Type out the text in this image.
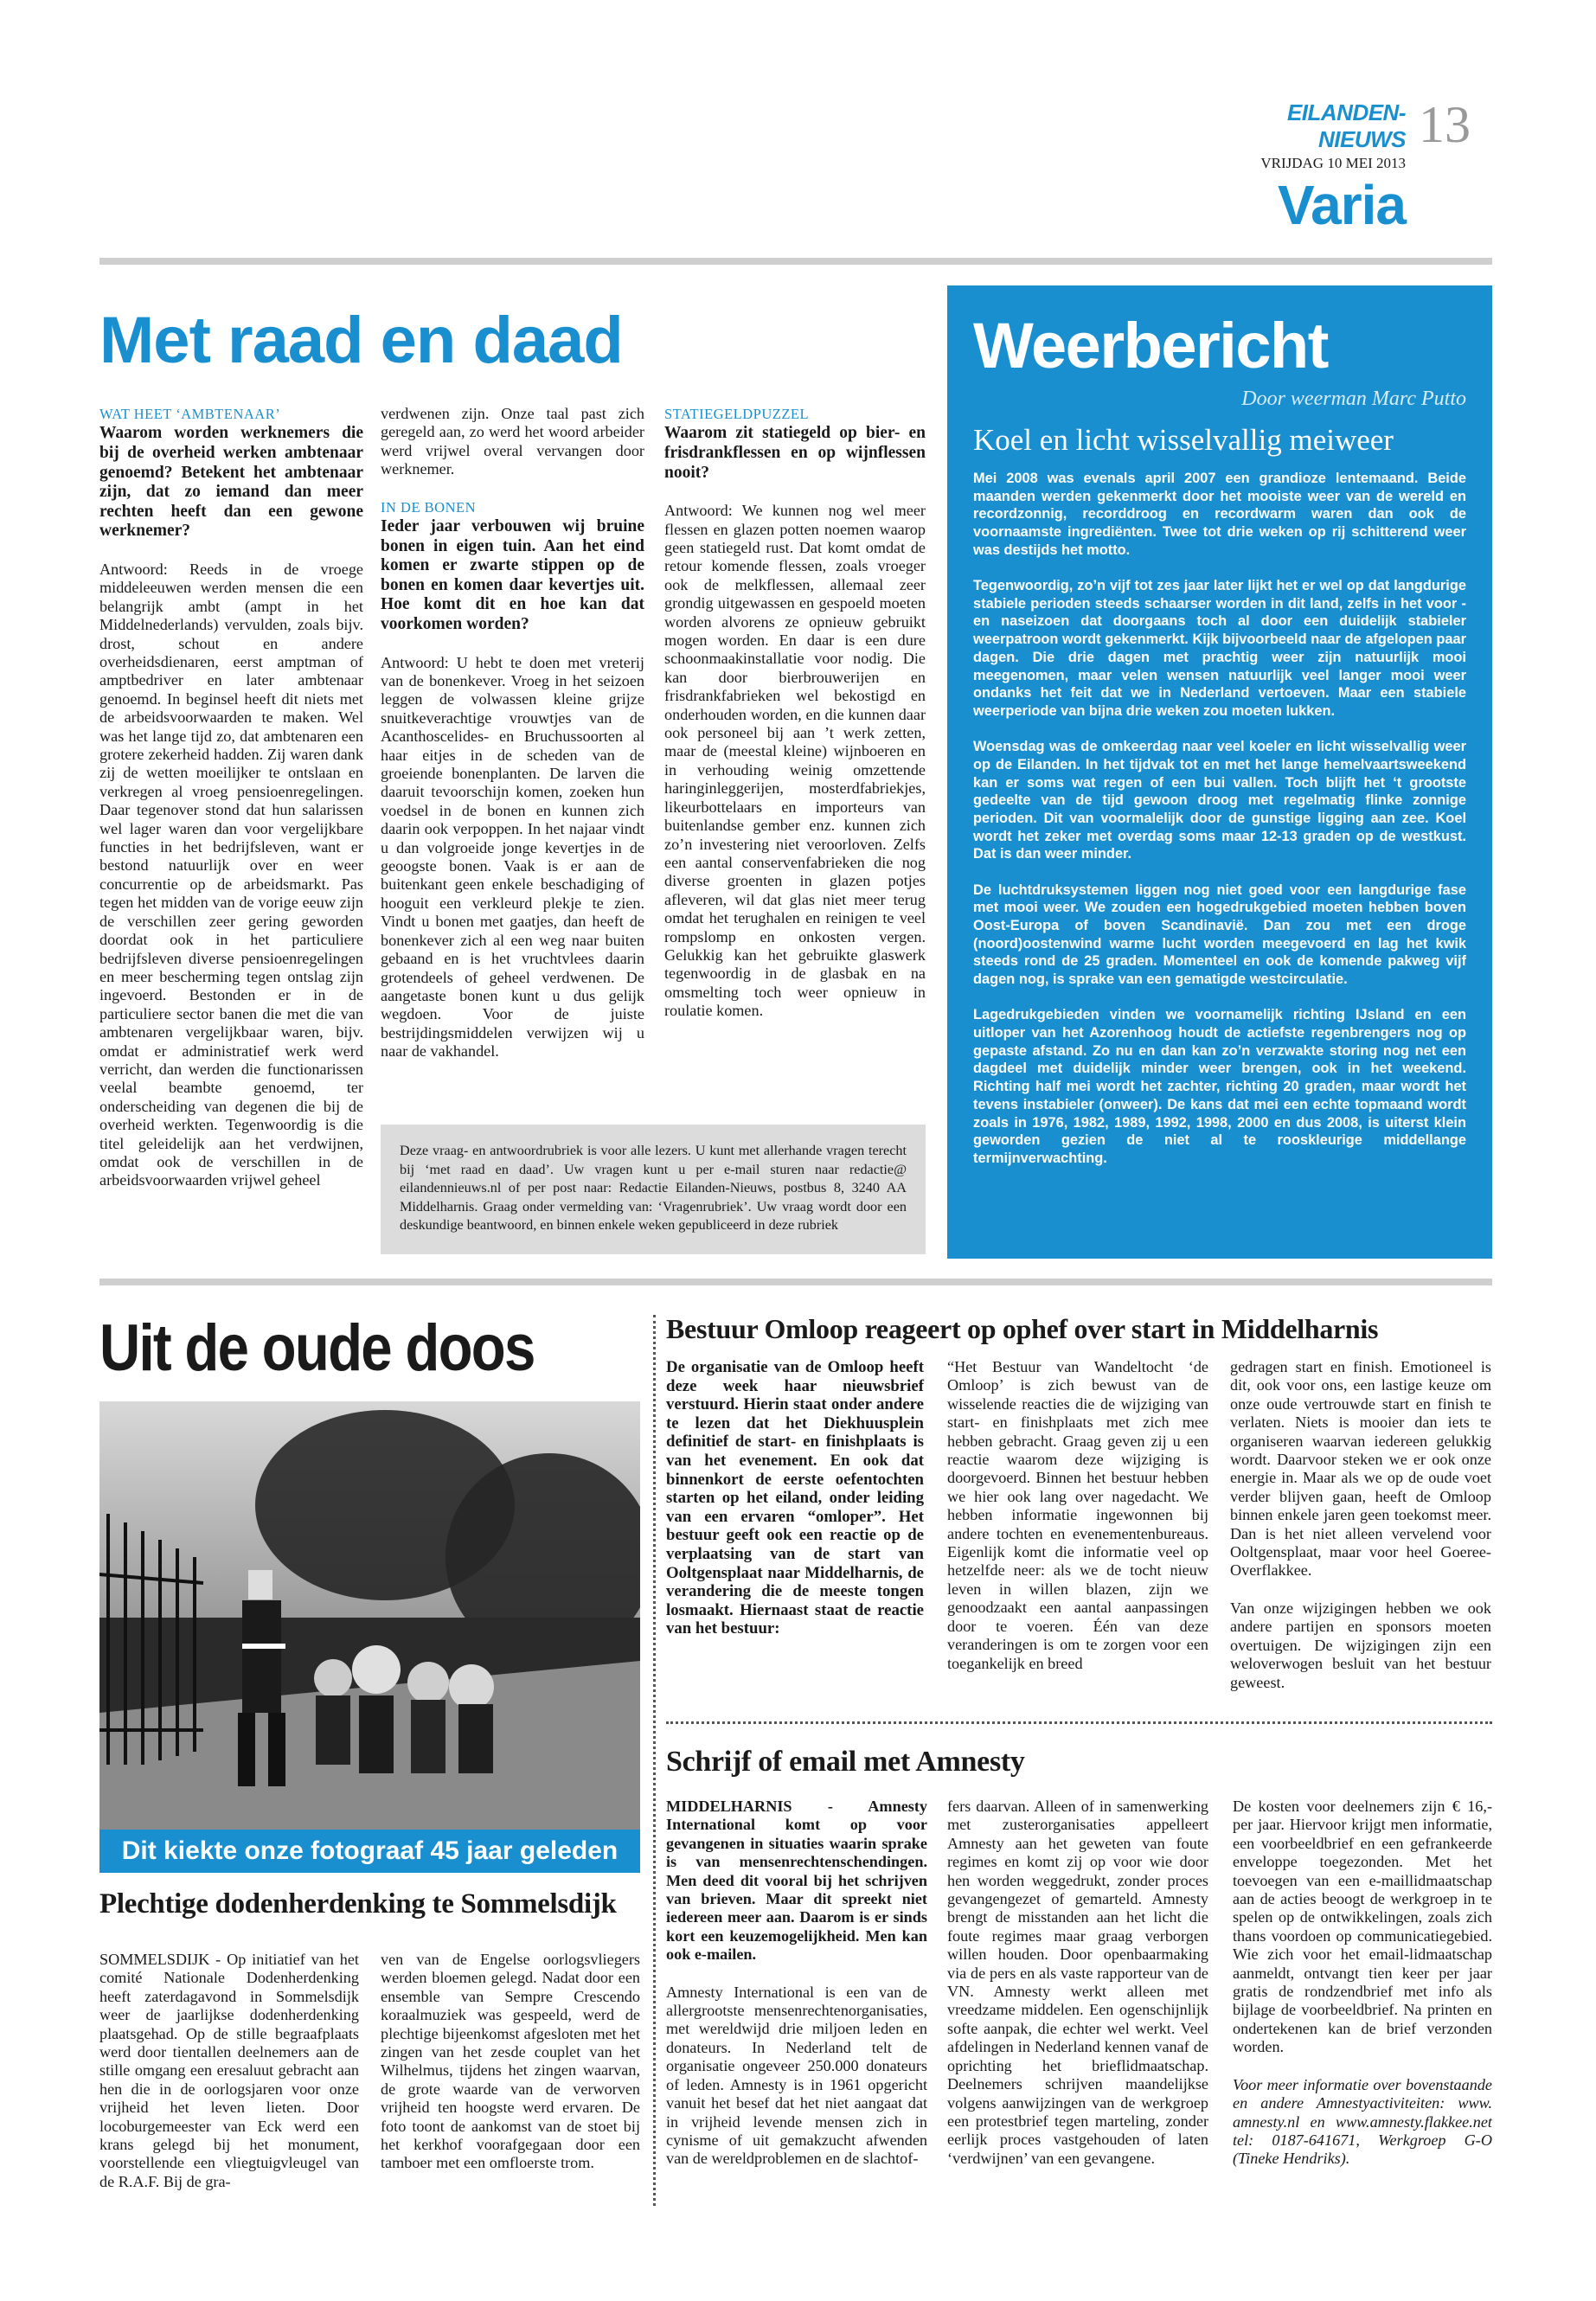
EILANDEN-NIEUWS
VRIJDAG 10 MEI 2013
13
Varia
Met raad en daad
WAT HEET ‘AMBTENAAR’
Waarom worden werknemers die bij de overheid werken ambtenaar genoemd? Betekent het ambtenaar zijn, dat zo iemand dan meer rechten heeft dan een gewone werknemer?
Antwoord: Reeds in de vroege middeleeuwen werden mensen die een belangrijk ambt (ampt in het Middelnederlands) vervulden, zoals bijv. drost, schout en andere overheidsdienaren, eerst amptman of amptbedriver en later ambtenaar genoemd. In beginsel heeft dit niets met de arbeidsvoorwaarden te maken. Wel was het lange tijd zo, dat ambtenaren een grotere zekerheid hadden. Zij waren dank zij de wetten moeilijker te ontslaan en verkregen al vroeg pensioenregelingen. Daar tegenover stond dat hun salarissen wel lager waren dan voor vergelijkbare functies in het bedrijfsleven, want er bestond natuurlijk over en weer concurrentie op de arbeidsmarkt. Pas tegen het midden van de vorige eeuw zijn de verschillen zeer gering geworden doordat ook in het particuliere bedrijfsleven diverse pensioenregelingen en meer bescherming tegen ontslag zijn ingevoerd. Bestonden er in de particuliere sector banen die met die van ambtenaren vergelijkbaar waren, bijv. omdat er administratief werk werd verricht, dan werden die functionarissen veelal beambte genoemd, ter onderscheiding van degenen die bij de overheid werkten. Tegenwoordig is die titel geleidelijk aan het verdwijnen, omdat ook de verschillen in de arbeidsvoorwaarden vrijwel geheel
verdwenen zijn. Onze taal past zich geregeld aan, zo werd het woord arbeider werd vrijwel overal vervangen door werknemer.
IN DE BONEN
Ieder jaar verbouwen wij bruine bonen in eigen tuin. Aan het eind komen er zwarte stippen op de bonen en komen daar kevertjes uit. Hoe komt dit en hoe kan dat voorkomen worden?
Antwoord: U hebt te doen met vreterij van de bonenkever. Vroeg in het seizoen leggen de volwassen kleine grijze snuitkeverachtige vrouwtjes van de Acanthoscelides- en Bruchussoorten al haar eitjes in de scheden van de groeiende bonenplanten. De larven die daaruit tevoorschijn komen, zoeken hun voedsel in de bonen en kunnen zich daarin ook verpoppen. In het najaar vindt u dan volgroeide jonge kevertjes in de geoogste bonen. Vaak is er aan de buitenkant geen enkele beschadiging of hooguit een verkleurd plekje te zien. Vindt u bonen met gaatjes, dan heeft de bonenkever zich al een weg naar buiten gebaand en is het vruchtvlees daarin grotendeels of geheel verdwenen. De aangetaste bonen kunt u dus gelijk wegdoen. Voor de juiste bestrijdingsmiddelen verwijzen wij u naar de vakhandel.
STATIEGELDPUZZEL
Waarom zit statiegeld op bier- en frisdrankflessen en op wijnflessen nooit?
Antwoord: We kunnen nog wel meer flessen en glazen potten noemen waarop geen statiegeld rust. Dat komt omdat de retour komende flessen, zoals vroeger ook de melkflessen, allemaal zeer grondig uitgewassen en gespoeld moeten worden alvorens ze opnieuw gebruikt mogen worden. En daar is een dure schoonmaakinstallatie voor nodig. Die kan door bierbrouwerijen en frisdrankfabrieken wel bekostigd en onderhouden worden, en die kunnen daar ook personeel bij aan ’t werk zetten, maar de (meestal kleine) wijnboeren en in verhouding weinig omzettende haringinleggerijen, mosterdfabriekjes, likeurbottelaars en importeurs van buitenlandse gember enz. kunnen zich zo’n investering niet veroorloven. Zelfs een aantal conservenfabrieken die nog diverse groenten in glazen potjes afleveren, wil dat glas niet meer terug omdat het terughalen en reinigen te veel rompslomp en onkosten vergen. Gelukkig kan het gebruikte glaswerk tegenwoordig in de glasbak en na omsmelting toch weer opnieuw in roulatie komen.
Deze vraag- en antwoordrubriek is voor alle lezers. U kunt met allerhande vragen terecht bij ‘met raad en daad’. Uw vragen kunt u per e-mail sturen naar redactie@ eilandennieuws.nl of per post naar: Redactie Eilanden-Nieuws, postbus 8, 3240 AA Middelharnis. Graag onder vermelding van: ‘Vragenrubriek’. Uw vraag wordt door een deskundige beantwoord, en binnen enkele weken gepubliceerd in deze rubriek
Weerbericht
Door weerman Marc Putto
Koel en licht wisselvallig meiweer

Mei 2008 was evenals april 2007 een grandioze lentemaand. Beide maanden werden gekenmerkt door het mooiste weer van de wereld en recordzonnig, recorddroog en recordwarm waren dan ook de voornaamste ingrediënten. Twee tot drie weken op rij schitterend weer was destijds het motto.

Tegenwoordig, zo’n vijf tot zes jaar later lijkt het er wel op dat langdurige stabiele perioden steeds schaarser worden in dit land, zelfs in het voor - en naseizoen dat doorgaans toch al door een duidelijk stabieler weerpatroon wordt gekenmerkt. Kijk bijvoorbeeld naar de afgelopen paar dagen. Die drie dagen met prachtig weer zijn natuurlijk mooi meegenomen, maar velen wensen natuurlijk veel langer mooi weer ondanks het feit dat we in Nederland vertoeven. Maar een stabiele weerperiode van bijna drie weken zou moeten lukken.

Woensdag was de omkeerdag naar veel koeler en licht wisselvallig weer op de Eilanden. In het tijdvak tot en met het lange hemelvaartsweekend kan er soms wat regen of een bui vallen. Toch blijft het ‘t grootste gedeelte van de tijd gewoon droog met regelmatig flinke zonnige perioden. Dit van voormalelijk door de gunstige ligging aan zee. Koel wordt het zeker met overdag soms maar 12-13 graden op de westkust. Dat is dan weer minder.

De luchtdruksystemen liggen nog niet goed voor een langdurige fase met mooi weer. We zouden een hogedrukgebied moeten hebben boven Oost-Europa of boven Scandinavië. Dan zou met een droge (noord)oostenwind warme lucht worden meegevoerd en lag het kwik steeds rond de 25 graden. Momenteel en ook de komende pakweg vijf dagen nog, is sprake van een gematigde westcirculatie.

Lagedrukgebieden vinden we voornamelijk richting IJsland en een uitloper van het Azorenhoog houdt de actiefste regenbrengers nog op gepaste afstand. Zo nu en dan kan zo’n verzwakte storing nog net een dagdeel met duidelijk minder weer brengen, ook in het weekend. Richting half mei wordt het zachter, richting 20 graden, maar wordt het tevens instabieler (onweer). De kans dat mei een echte topmaand wordt zoals in 1976, 1982, 1989, 1992, 1998, 2000 en dus 2008, is uiterst klein geworden gezien de niet al te rooskleurige middellange termijnverwachting.

Uit de oude doos
Dit kiekte onze fotograaf 45 jaar geleden
Plechtige dodenherdenking te Sommelsdijk
SOMMELSDIJK - Op initiatief van het comité Nationale Dodenherdenking heeft zaterdagavond in Sommelsdijk weer de jaarlijkse dodenherdenking plaatsgehad. Op de stille begraafplaats werd door tientallen deelnemers aan de stille omgang een eresaluut gebracht aan hen die in de oorlogsjaren voor onze vrijheid het leven lieten. Door locoburgemeester van Eck werd een krans gelegd bij het monument, voorstellende een vliegtuigvleugel van de R.A.F. Bij de gra-
ven van de Engelse oorlogsvliegers werden bloemen gelegd. Nadat door een ensemble van Sempre Crescendo koraalmuziek was gespeeld, werd de plechtige bijeenkomst afgesloten met het zingen van het zesde couplet van het Wilhelmus, tijdens het zingen waarvan, de grote waarde van de verworven vrijheid ten hoogste werd ervaren. De foto toont de aankomst van de stoet bij het kerkhof voorafgegaan door een tamboer met een omfloerste trom.
Bestuur Omloop reageert op ophef over start in Middelharnis
De organisatie van de Omloop heeft deze week haar nieuwsbrief verstuurd. Hierin staat onder andere te lezen dat het Diekhuusplein definitief de start- en finishplaats is van het evenement. En ook dat binnenkort de eerste oefentochten starten op het eiland, onder leiding van een ervaren “omloper”. Het bestuur geeft ook een reactie op de verplaatsing van de start van Ooltgensplaat naar Middelharnis, de verandering die de meeste tongen losmaakt. Hiernaast staat de reactie van het bestuur:
“Het Bestuur van Wandeltocht ‘de Omloop’ is zich bewust van de wisselende reacties die de wijziging van start- en finishplaats met zich mee hebben gebracht. Graag geven zij u een reactie waarom deze wijziging is doorgevoerd. Binnen het bestuur hebben we hier ook lang over nagedacht. We hebben informatie ingewonnen bij andere tochten en evenementenbureaus. Eigenlijk komt die informatie veel op hetzelfde neer: als we de tocht nieuw leven in willen blazen, zijn we genoodzaakt een aantal aanpassingen door te voeren. Één van deze veranderingen is om te zorgen voor een toegankelijk en breed
gedragen start en finish. Emotioneel is dit, ook voor ons, een lastige keuze om onze oude vertrouwde start en finish te verlaten. Niets is mooier dan iets te organiseren waarvan iedereen gelukkig wordt. Daarvoor steken we er ook onze energie in. Maar als we op de oude voet verder blijven gaan, heeft de Omloop binnen enkele jaren geen toekomst meer. Dan is het niet alleen vervelend voor Ooltgensplaat, maar voor heel Goeree-Overflakkee.
Van onze wijzigingen hebben we ook andere partijen en sponsors moeten overtuigen. De wijzigingen zijn een weloverwogen besluit van het bestuur geweest.
Schrijf of email met Amnesty
MIDDELHARNIS - Amnesty International komt op voor gevangenen in situaties waarin sprake is van mensenrechtenschendingen. Men deed dit vooral bij het schrijven van brieven. Maar dit spreekt niet iedereen meer aan. Daarom is er sinds kort een keuzemogelijkheid. Men kan ook e-mailen.
Amnesty International is een van de allergrootste mensenrechtenorganisaties, met wereldwijd drie miljoen leden en donateurs. In Nederland telt de organisatie ongeveer 250.000 donateurs of leden. Amnesty is in 1961 opgericht vanuit het besef dat het niet aangaat dat in vrijheid levende mensen zich in cynisme of uit gemakzucht afwenden van de wereldproblemen en de slachtof-
fers daarvan. Alleen of in samenwerking met zusterorganisaties appelleert Amnesty aan het geweten van foute regimes en komt zij op voor wie door hen worden weggedrukt, zonder proces gevangengezet of gemarteld. Amnesty brengt de misstanden aan het licht die foute regimes maar graag verborgen willen houden. Door openbaarmaking via de pers en als vaste rapporteur van de VN. Amnesty werkt alleen met vreedzame middelen. Een ogenschijnlijk softe aanpak, die echter wel werkt. Veel afdelingen in Nederland kennen vanaf de oprichting het brieflidmaatschap. Deelnemers schrijven maandelijkse volgens aanwijzingen van de werkgroep een protestbrief tegen marteling, zonder eerlijk proces vastgehouden of laten ‘verdwijnen’ van een gevangene.
De kosten voor deelnemers zijn € 16,- per jaar. Hiervoor krijgt men informatie, een voorbeeldbrief en een gefrankeerde enveloppe toegezonden. Met het toevoegen van een e-maillidmaatschap aan de acties beoogt de werkgroep in te spelen op de ontwikkelingen, zoals zich thans voordoen op communicatiegebied. Wie zich voor het email-lidmaatschap aanmeldt, ontvangt tien keer per jaar gratis de rondzendbrief met info als bijlage de voorbeeldbrief. Na printen en ondertekenen kan de brief verzonden worden.
Voor meer informatie over bovenstaande en andere Amnestyactiviteiten: www. amnesty.nl en www.amnesty.flakkee.net tel: 0187-641671, Werkgroep G-O (Tineke Hendriks).
